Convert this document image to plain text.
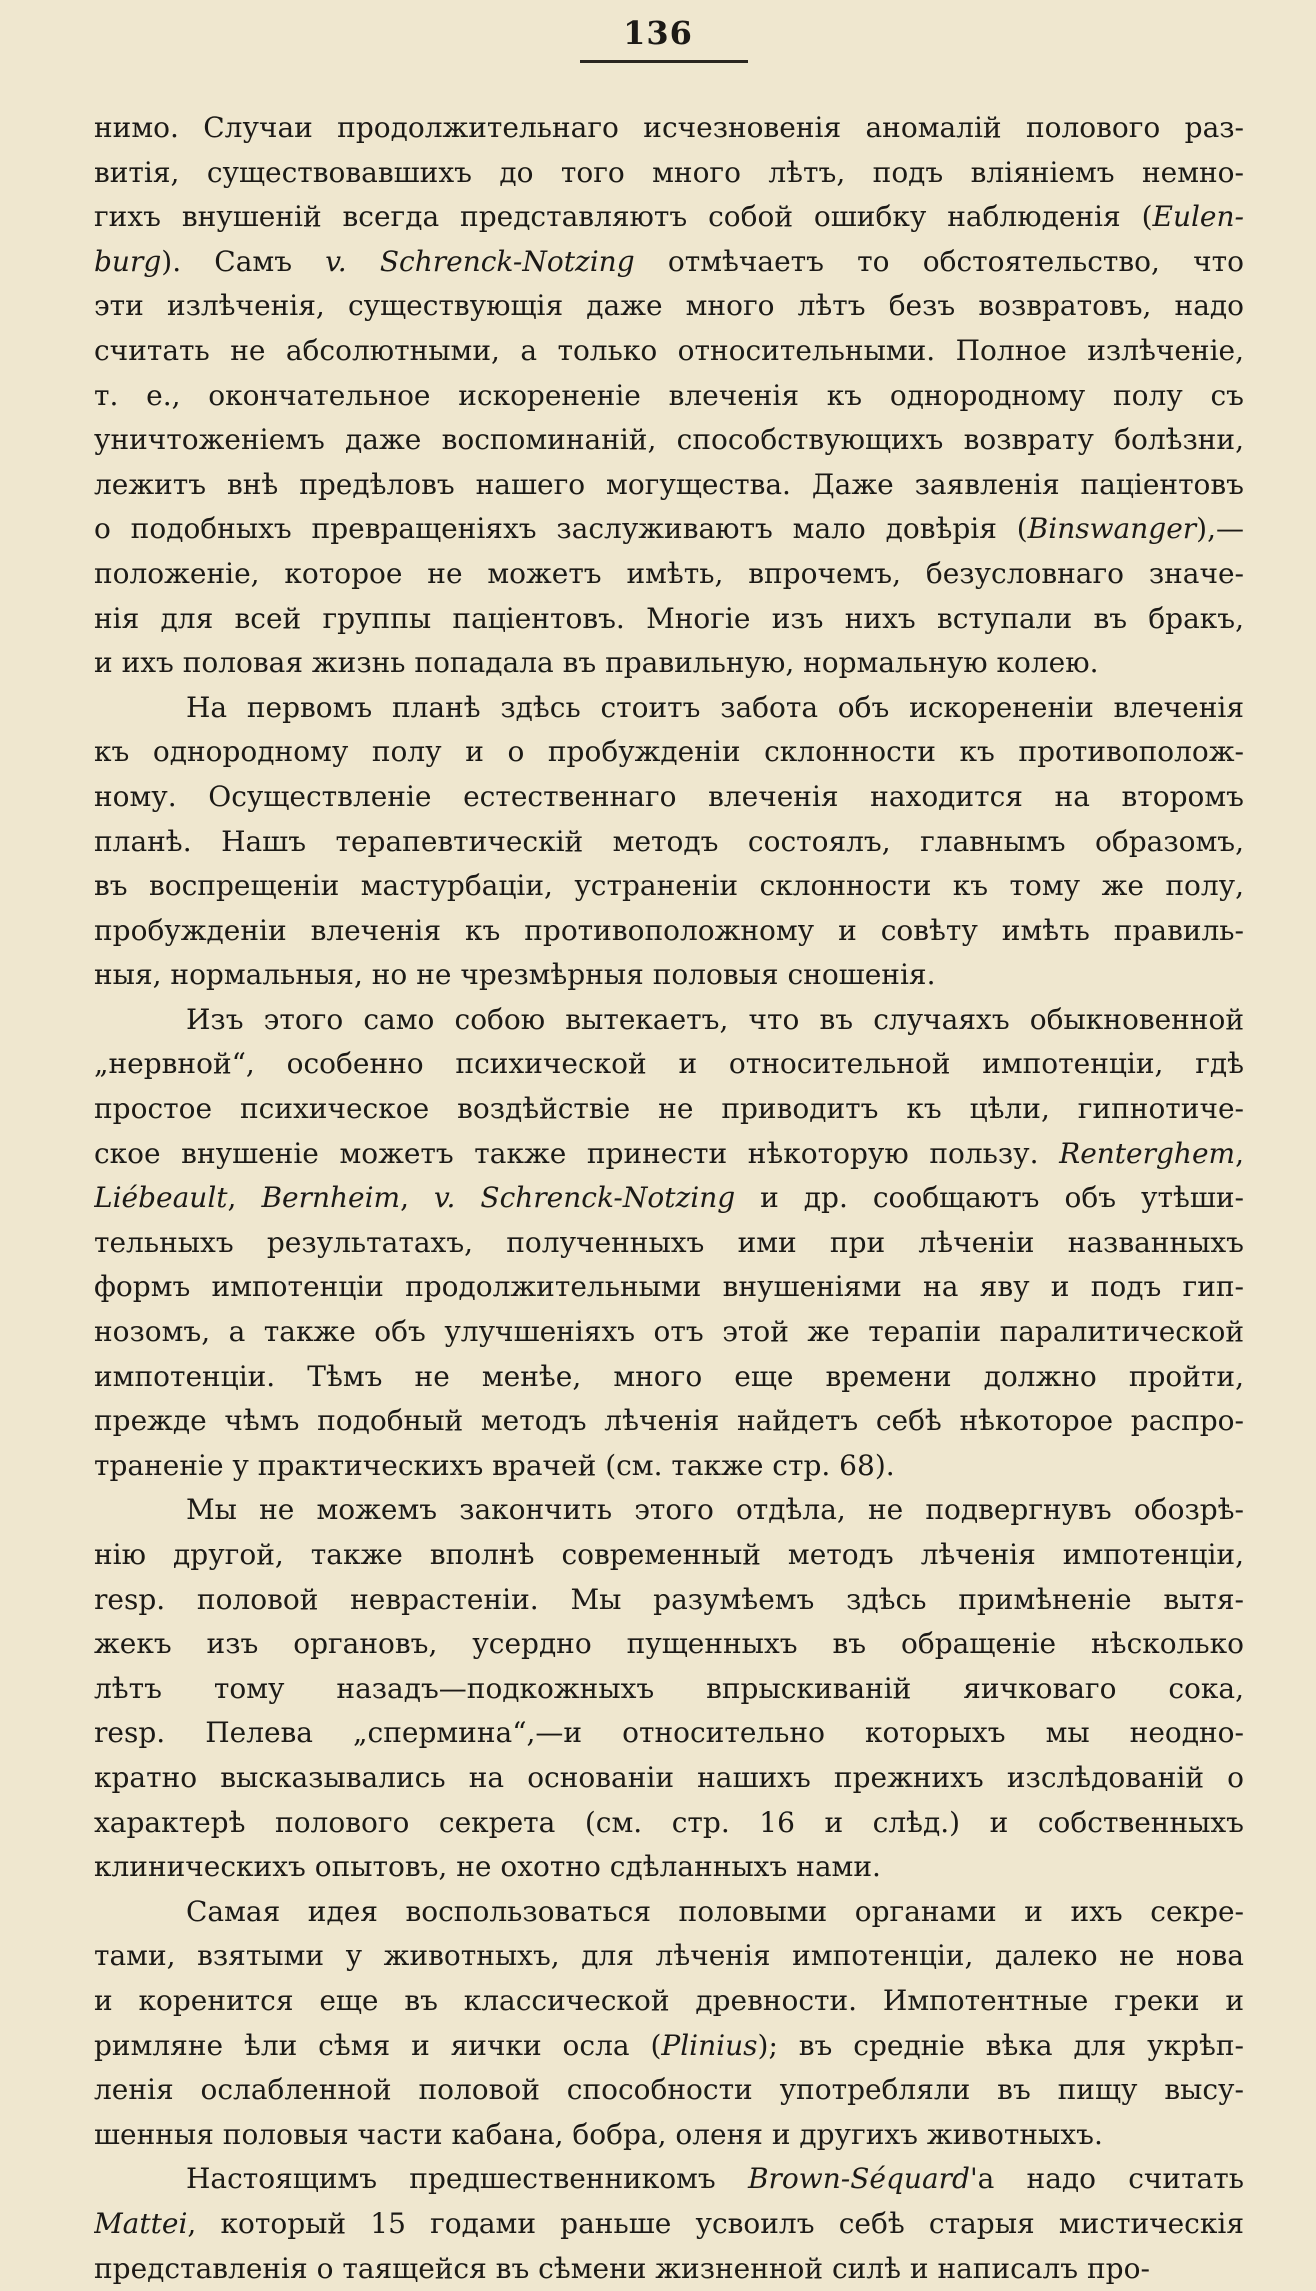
136
нимо. Случаи продолжительнаго исчезновенія аномалій полового раз-
витія, существовавшихъ до того много лѣтъ, подъ вліяніемъ немно-
гихъ внушеній всегда представляютъ собой ошибку наблюденія (Eulen-
burg). Самъ v. Schrenck-Notzing отмѣчаетъ то обстоятельство, что
эти излѣченія, существующія даже много лѣтъ безъ возвратовъ, надо
считать не абсолютными, а только относительными. Полное излѣченіе,
т. е., окончательное искорененіе влеченія къ однородному полу съ
уничтоженіемъ даже воспоминаній, способствующихъ возврату болѣзни,
лежитъ внѣ предѣловъ нашего могущества. Даже заявленія паціентовъ
о подобныхъ превращеніяхъ заслуживаютъ мало довѣрія (Binswanger),—
положеніе, которое не можетъ имѣть, впрочемъ, безусловнаго значе-
нія для всей группы паціентовъ. Многіе изъ нихъ вступали въ бракъ,
и ихъ половая жизнь попадала въ правильную, нормальную колею.
На первомъ планѣ здѣсь стоитъ забота объ искорененіи влеченія
къ однородному полу и о пробужденіи склонности къ противополож-
ному. Осуществленіе естественнаго влеченія находится на второмъ
планѣ. Нашъ терапевтическій методъ состоялъ, главнымъ образомъ,
въ воспрещеніи мастурбаціи, устраненіи склонности къ тому же полу,
пробужденіи влеченія къ противоположному и совѣту имѣть правиль-
ныя, нормальныя, но не чрезмѣрныя половыя сношенія.
Изъ этого само собою вытекаетъ, что въ случаяхъ обыкновенной
„нервной“, особенно психической и относительной импотенціи, гдѣ
простое психическое воздѣйствіе не приводитъ къ цѣли, гипнотиче-
ское внушеніе можетъ также принести нѣкоторую пользу. Renterghem,
Liébeault, Bernheim, v. Schrenck-Notzing и др. сообщаютъ объ утѣши-
тельныхъ результатахъ, полученныхъ ими при лѣченіи названныхъ
формъ импотенціи продолжительными внушеніями на яву и подъ гип-
нозомъ, а также объ улучшеніяхъ отъ этой же терапіи паралитической
импотенціи. Тѣмъ не менѣе, много еще времени должно пройти,
прежде чѣмъ подобный методъ лѣченія найдетъ себѣ нѣкоторое распро-
траненіе у практическихъ врачей (см. также стр. 68).
Мы не можемъ закончить этого отдѣла, не подвергнувъ обозрѣ-
нію другой, также вполнѣ современный методъ лѣченія импотенціи,
resp. половой неврастеніи. Мы разумѣемъ здѣсь примѣненіе вытя-
жекъ изъ органовъ, усердно пущенныхъ въ обращеніе нѣсколько
лѣтъ тому назадъ—подкожныхъ впрыскиваній яичковаго сока,
resp. Пелева „спермина“,—и относительно которыхъ мы неодно-
кратно высказывались на основаніи нашихъ прежнихъ изслѣдованій о
характерѣ полового секрета (см. стр. 16 и слѣд.) и собственныхъ
клиническихъ опытовъ, не охотно сдѣланныхъ нами.
Самая идея воспользоваться половыми органами и ихъ секре-
тами, взятыми у животныхъ, для лѣченія импотенціи, далеко не нова
и коренится еще въ классической древности. Импотентные греки и
римляне ѣли сѣмя и яички осла (Plinius); въ средніе вѣка для укрѣп-
ленія ослабленной половой способности употребляли въ пищу высу-
шенныя половыя части кабана, бобра, оленя и другихъ животныхъ.
Настоящимъ предшественникомъ Brown-Séquard'а надо считать
Mattei, который 15 годами раньше усвоилъ себѣ старыя мистическія
представленія о таящейся въ сѣмени жизненной силѣ и написалъ про-
